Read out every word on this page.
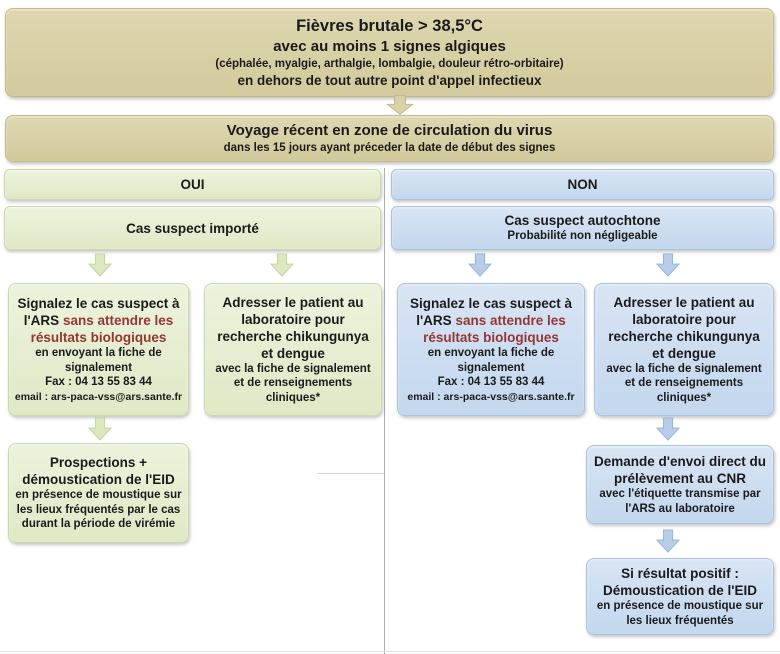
Fièvres brutale > 38,5°C
avec au moins 1 signes algiques
(céphalée, myalgie, arthalgie, lombalgie, douleur rétro-orbitaire)
en dehors de tout autre point d'appel infectieux
Voyage récent en zone de circulation du virus
dans les 15 jours ayant préceder la date de début des signes
OUI	NON
Cas suspect importé	Cas suspect autochtone
Probabilité non négligeable
Signalez le cas suspect à l'ARS sans attendre les résultats biologiques
en envoyant la fiche de signalement
Fax : 04 13 55 83 44
email : ars-paca-vss@ars.sante.fr
Adresser le patient au laboratoire pour recherche chikungunya et dengue
avec la fiche de signalement et de renseignements cliniques*
Signalez le cas suspect à l'ARS sans attendre les résultats biologiques
en envoyant la fiche de signalement
Fax : 04 13 55 83 44
email : ars-paca-vss@ars.sante.fr
Adresser le patient au laboratoire pour recherche chikungunya et dengue
avec la fiche de signalement et de renseignements cliniques*
Prospections + démoustication de l'EID
en présence de moustique sur les lieux fréquentés par le cas durant la période de virémie
Demande d'envoi direct du prélèvement au CNR
avec l'étiquette transmise par l'ARS au laboratoire
Si résultat positif :
Démoustication de l'EID
en présence de moustique sur les lieux fréquentés
